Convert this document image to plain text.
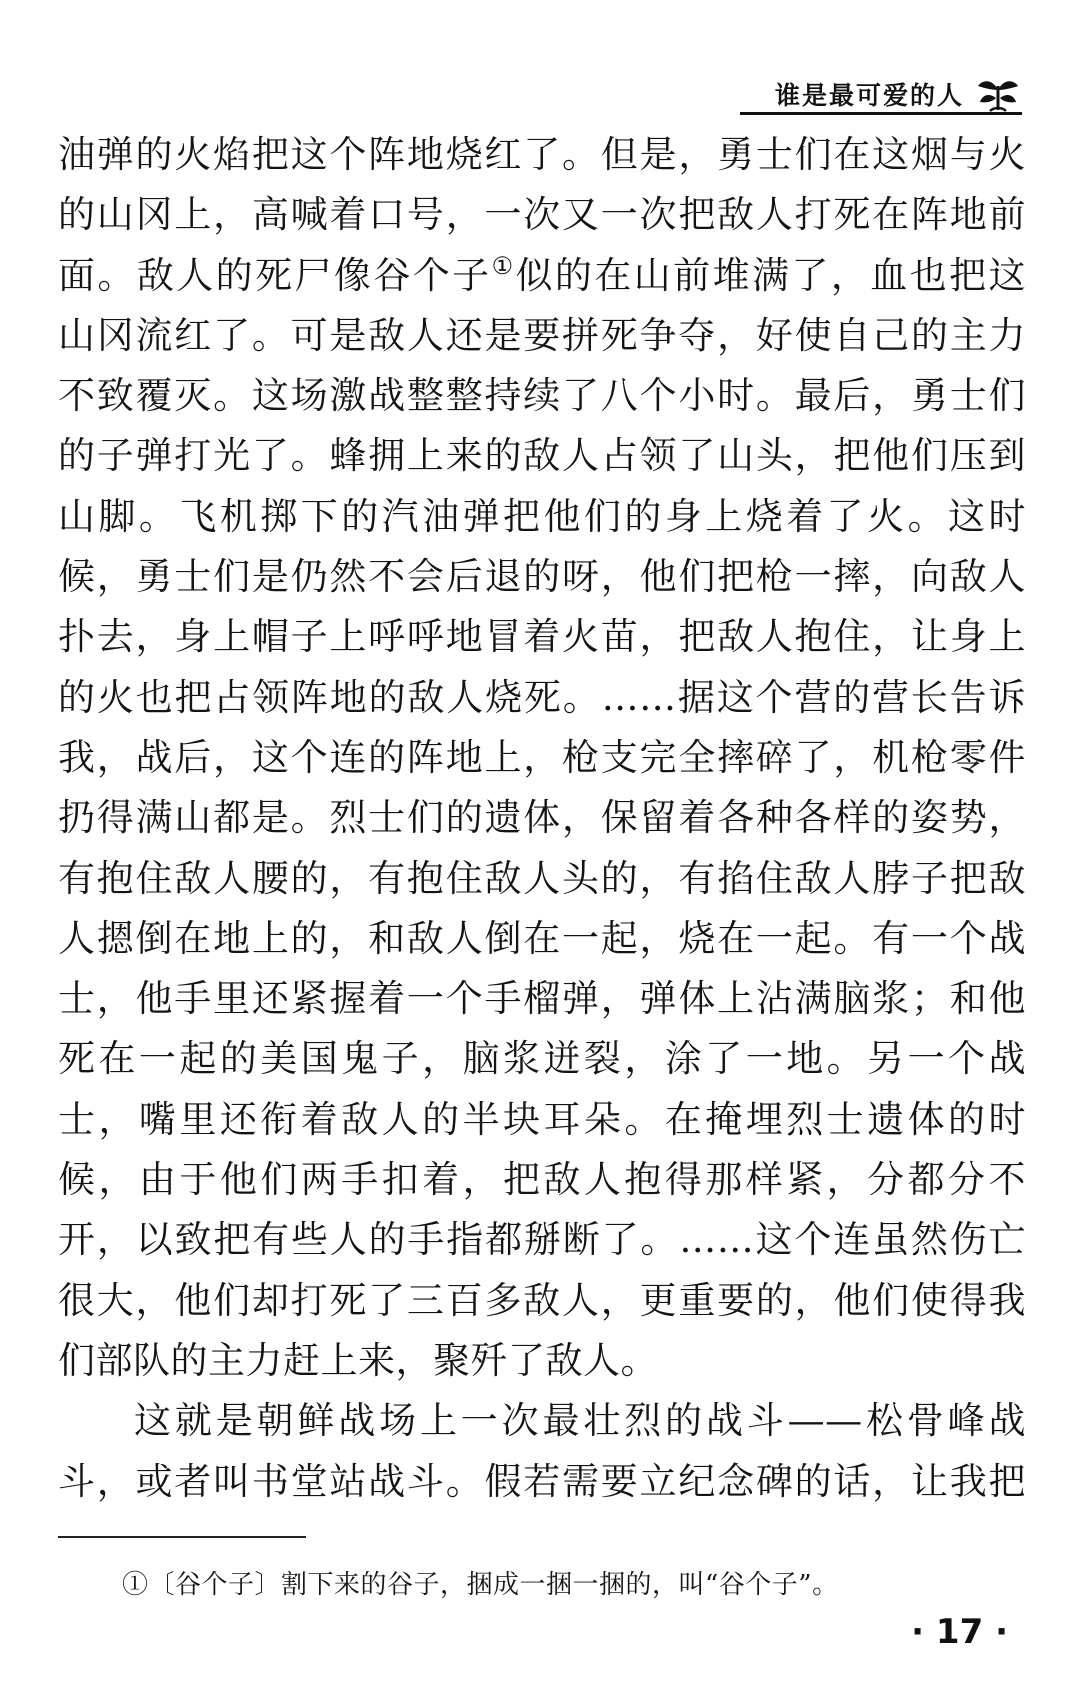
谁是最可爱的人
油弹的火焰把这个阵地烧红了。但是，勇士们在这烟与火
的山冈上，高喊着口号，一次又一次把敌人打死在阵地前
面。敌人的死尸像谷个子①似的在山前堆满了，血也把这
山冈流红了。可是敌人还是要拼死争夺，好使自己的主力
不致覆灭。这场激战整整持续了八个小时。最后，勇士们
的子弹打光了。蜂拥上来的敌人占领了山头，把他们压到
山脚。飞机掷下的汽油弹把他们的身上烧着了火。这时
候，勇士们是仍然不会后退的呀，他们把枪一摔，向敌人
扑去，身上帽子上呼呼地冒着火苗，把敌人抱住，让身上
的火也把占领阵地的敌人烧死。……据这个营的营长告诉
我，战后，这个连的阵地上，枪支完全摔碎了，机枪零件
扔得满山都是。烈士们的遗体，保留着各种各样的姿势，
有抱住敌人腰的，有抱住敌人头的，有掐住敌人脖子把敌
人摁倒在地上的，和敌人倒在一起，烧在一起。有一个战
士，他手里还紧握着一个手榴弹，弹体上沾满脑浆；和他
死在一起的美国鬼子，脑浆迸裂，涂了一地。另一个战
士，嘴里还衔着敌人的半块耳朵。在掩埋烈士遗体的时
候，由于他们两手扣着，把敌人抱得那样紧，分都分不
开，以致把有些人的手指都掰断了。……这个连虽然伤亡
很大，他们却打死了三百多敌人，更重要的，他们使得我
们部队的主力赶上来，聚歼了敌人。
这就是朝鲜战场上一次最壮烈的战斗——松骨峰战
斗，或者叫书堂站战斗。假若需要立纪念碑的话，让我把
①〔谷个子〕割下来的谷子，捆成一捆一捆的，叫“谷个子”。
· 17 ·
